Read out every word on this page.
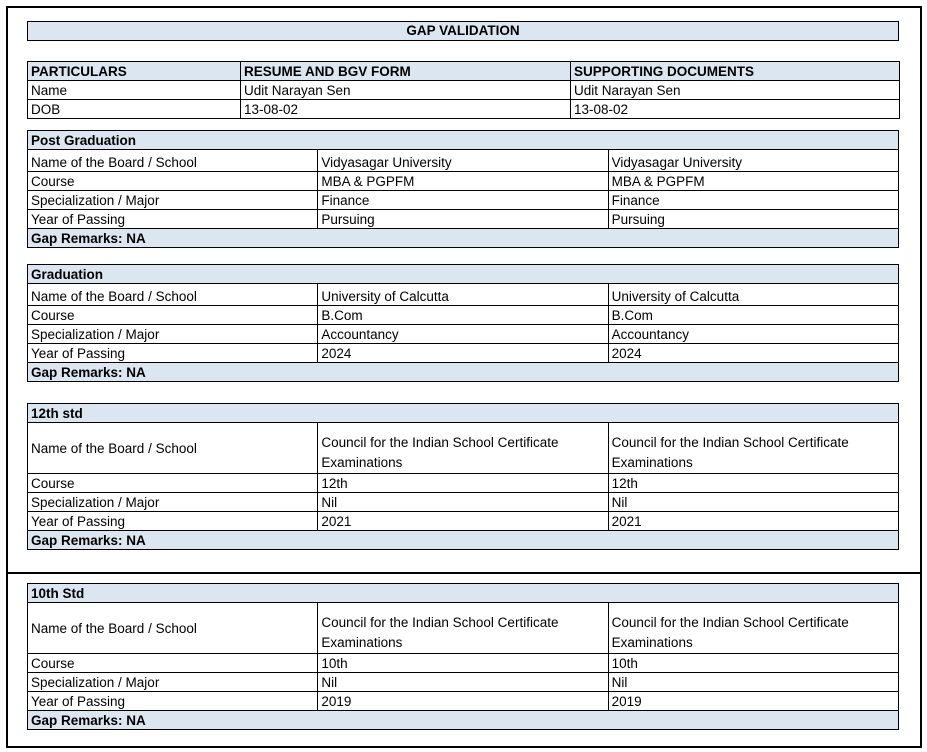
GAP VALIDATION
PARTICULARS	RESUME AND BGV FORM	SUPPORTING DOCUMENTS
Name	Udit Narayan Sen	Udit Narayan Sen
DOB	13-08-02	13-08-02
Post Graduation		
Name of the Board / School	Vidyasagar University	Vidyasagar University
Course	MBA & PGPFM	MBA & PGPFM
Specialization / Major	Finance	Finance
Year of Passing	Pursuing	Pursuing
Gap Remarks: NA		
Graduation		
Name of the Board / School	University of Calcutta	University of Calcutta
Course	B.Com	B.Com
Specialization / Major	Accountancy	Accountancy
Year of Passing	2024	2024
Gap Remarks: NA		
12th std		
Name of the Board / School	Council for the Indian School Certificate Examinations	Council for the Indian School Certificate Examinations
Course	12th	12th
Specialization / Major	Nil	Nil
Year of Passing	2021	2021
Gap Remarks: NA		
10th Std		
Name of the Board / School	Council for the Indian School Certificate Examinations	Council for the Indian School Certificate Examinations
Course	10th	10th
Specialization / Major	Nil	Nil
Year of Passing	2019	2019
Gap Remarks: NA		
